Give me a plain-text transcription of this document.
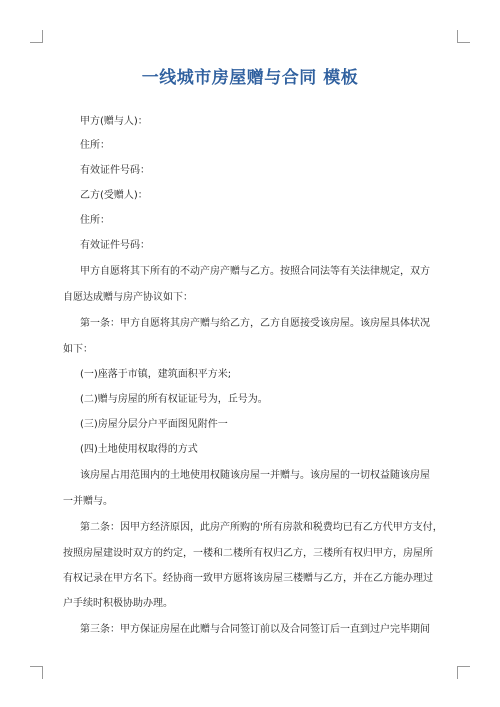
一线城市房屋赠与合同 模板
甲方(赠与人)：
住所：
有效证件号码：
乙方(受赠人)：
住所：
有效证件号码：
甲方自愿将其下所有的不动产房产赠与乙方。按照合同法等有关法律规定，双方
自愿达成赠与房产协议如下：
第一条：甲方自愿将其房产赠与给乙方，乙方自愿接受该房屋。该房屋具体状况
如下：
(一)座落于市镇，建筑面积平方米;
(二)赠与房屋的所有权证证号为，丘号为。
(三)房屋分层分户平面图见附件一
(四)土地使用权取得的方式
该房屋占用范围内的土地使用权随该房屋一并赠与。该房屋的一切权益随该房屋
一并赠与。
第二条：因甲方经济原因，此房产所购的'所有房款和税费均已有乙方代甲方支付，
按照房屋建设时双方的约定，一楼和二楼所有权归乙方，三楼所有权归甲方，房屋所
有权记录在甲方名下。经协商一致甲方愿将该房屋三楼赠与乙方，并在乙方能办理过
户手续时积极协助办理。
第三条：甲方保证房屋在此赠与合同签订前以及合同签订后一直到过户完毕期间
